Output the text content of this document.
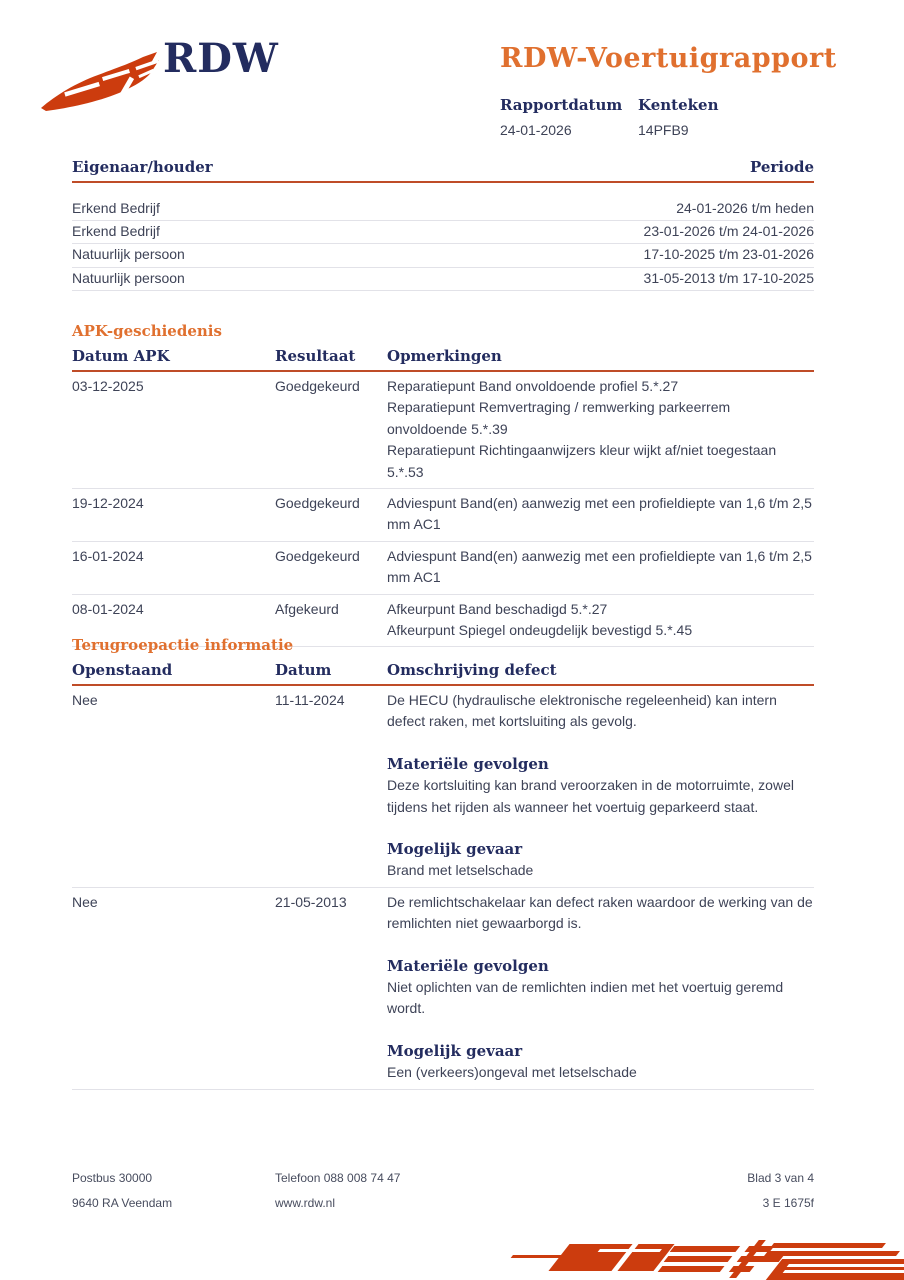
RDW	RDW-Voertuigrapport
Rapportdatum
24-01-2026
Kenteken
14PFB9
Eigenaar/houder	Periode
Erkend Bedrijf	24-01-2026 t/m heden
Erkend Bedrijf	23-01-2026 t/m 24-01-2026
Natuurlijk persoon	17-10-2025 t/m 23-01-2026
Natuurlijk persoon	31-05-2013 t/m 17-10-2025
APK-geschiedenis
Datum APK	Resultaat	Opmerkingen
03-12-2025	Goedgekeurd	Reparatiepunt Band onvoldoende profiel 5.*.27
Reparatiepunt Remvertraging / remwerking parkeerrem onvoldoende 5.*.39
Reparatiepunt Richtingaanwijzers kleur wijkt af/niet toegestaan 5.*.53
19-12-2024	Goedgekeurd	Adviespunt Band(en) aanwezig met een profieldiepte van 1,6 t/m 2,5 mm AC1
16-01-2024	Goedgekeurd	Adviespunt Band(en) aanwezig met een profieldiepte van 1,6 t/m 2,5 mm AC1
08-01-2024	Afgekeurd	Afkeurpunt Band beschadigd 5.*.27
Afkeurpunt Spiegel ondeugdelijk bevestigd 5.*.45
Terugroepactie informatie
Openstaand	Datum	Omschrijving defect
Nee	11-11-2024	De HECU (hydraulische elektronische regeleenheid) kan intern defect raken, met kortsluiting als gevolg.
Materiële gevolgen
Deze kortsluiting kan brand veroorzaken in de motorruimte, zowel tijdens het rijden als wanneer het voertuig geparkeerd staat.
Mogelijk gevaar
Brand met letselschade
Nee	21-05-2013	De remlichtschakelaar kan defect raken waardoor de werking van de remlichten niet gewaarborgd is.
Materiële gevolgen
Niet oplichten van de remlichten indien met het voertuig geremd wordt.
Mogelijk gevaar
Een (verkeers)ongeval met letselschade
Postbus 30000
9640 RA Veendam
Telefoon 088 008 74 47
www.rdw.nl
Blad 3 van 4
3 E 1675f
